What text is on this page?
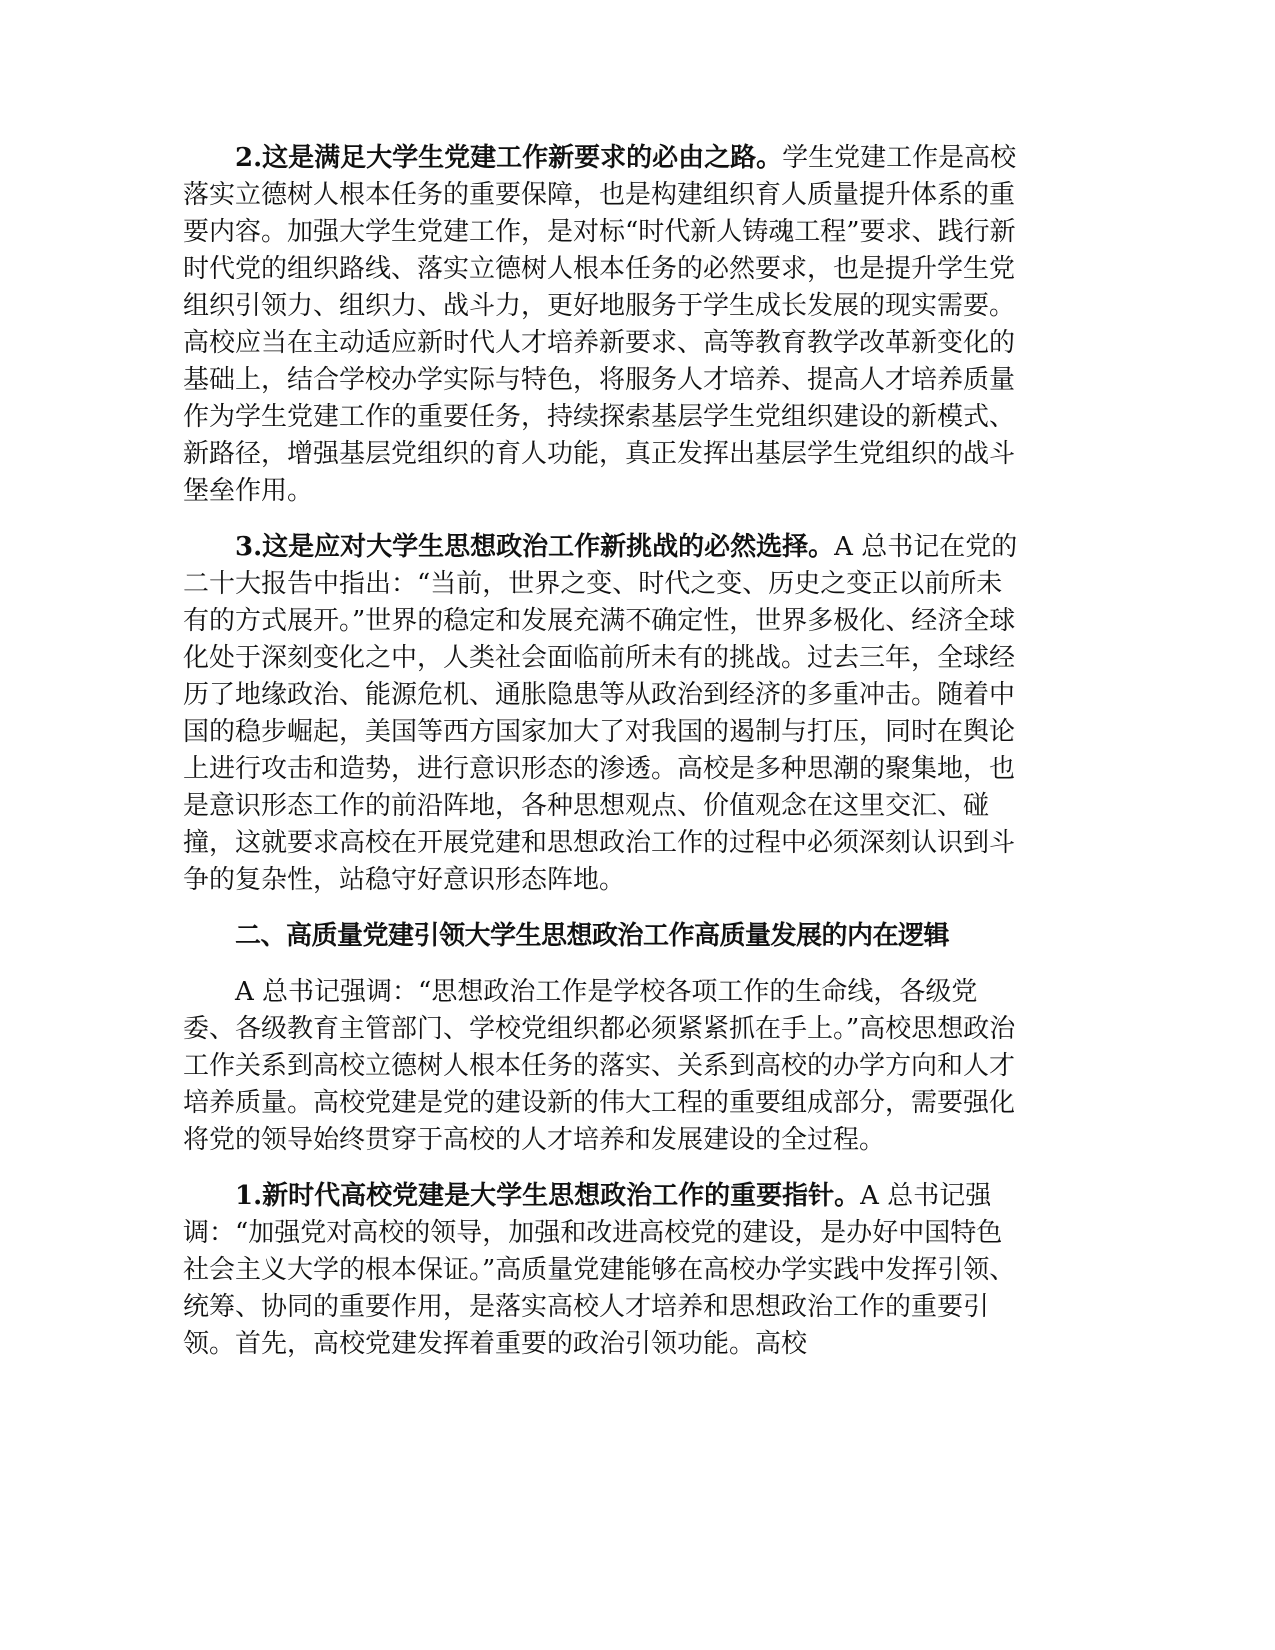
2.这是满足大学生党建工作新要求的必由之路。学生党建工作是高校落实立德树人根本任务的重要保障，也是构建组织育人质量提升体系的重要内容。加强大学生党建工作，是对标“时代新人铸魂工程”要求、践行新时代党的组织路线、落实立德树人根本任务的必然要求，也是提升学生党组织引领力、组织力、战斗力，更好地服务于学生成长发展的现实需要。高校应当在主动适应新时代人才培养新要求、高等教育教学改革新变化的基础上，结合学校办学实际与特色，将服务人才培养、提高人才培养质量作为学生党建工作的重要任务，持续探索基层学生党组织建设的新模式、新路径，增强基层党组织的育人功能，真正发挥出基层学生党组织的战斗堡垒作用。

3.这是应对大学生思想政治工作新挑战的必然选择。A 总书记在党的二十大报告中指出：“当前，世界之变、时代之变、历史之变正以前所未有的方式展开。”世界的稳定和发展充满不确定性，世界多极化、经济全球化处于深刻变化之中，人类社会面临前所未有的挑战。过去三年，全球经历了地缘政治、能源危机、通胀隐患等从政治到经济的多重冲击。随着中国的稳步崛起，美国等西方国家加大了对我国的遏制与打压，同时在舆论上进行攻击和造势，进行意识形态的渗透。高校是多种思潮的聚集地，也是意识形态工作的前沿阵地，各种思想观点、价值观念在这里交汇、碰撞，这就要求高校在开展党建和思想政治工作的过程中必须深刻认识到斗争的复杂性，站稳守好意识形态阵地。

二、高质量党建引领大学生思想政治工作高质量发展的内在逻辑

A 总书记强调：“思想政治工作是学校各项工作的生命线，各级党委、各级教育主管部门、学校党组织都必须紧紧抓在手上。”高校思想政治工作关系到高校立德树人根本任务的落实、关系到高校的办学方向和人才培养质量。高校党建是党的建设新的伟大工程的重要组成部分，需要强化将党的领导始终贯穿于高校的人才培养和发展建设的全过程。

1.新时代高校党建是大学生思想政治工作的重要指针。A 总书记强调：“加强党对高校的领导，加强和改进高校党的建设，是办好中国特色社会主义大学的根本保证。”高质量党建能够在高校办学实践中发挥引领、统筹、协同的重要作用，是落实高校人才培养和思想政治工作的重要引领。首先，高校党建发挥着重要的政治引领功能。高校
